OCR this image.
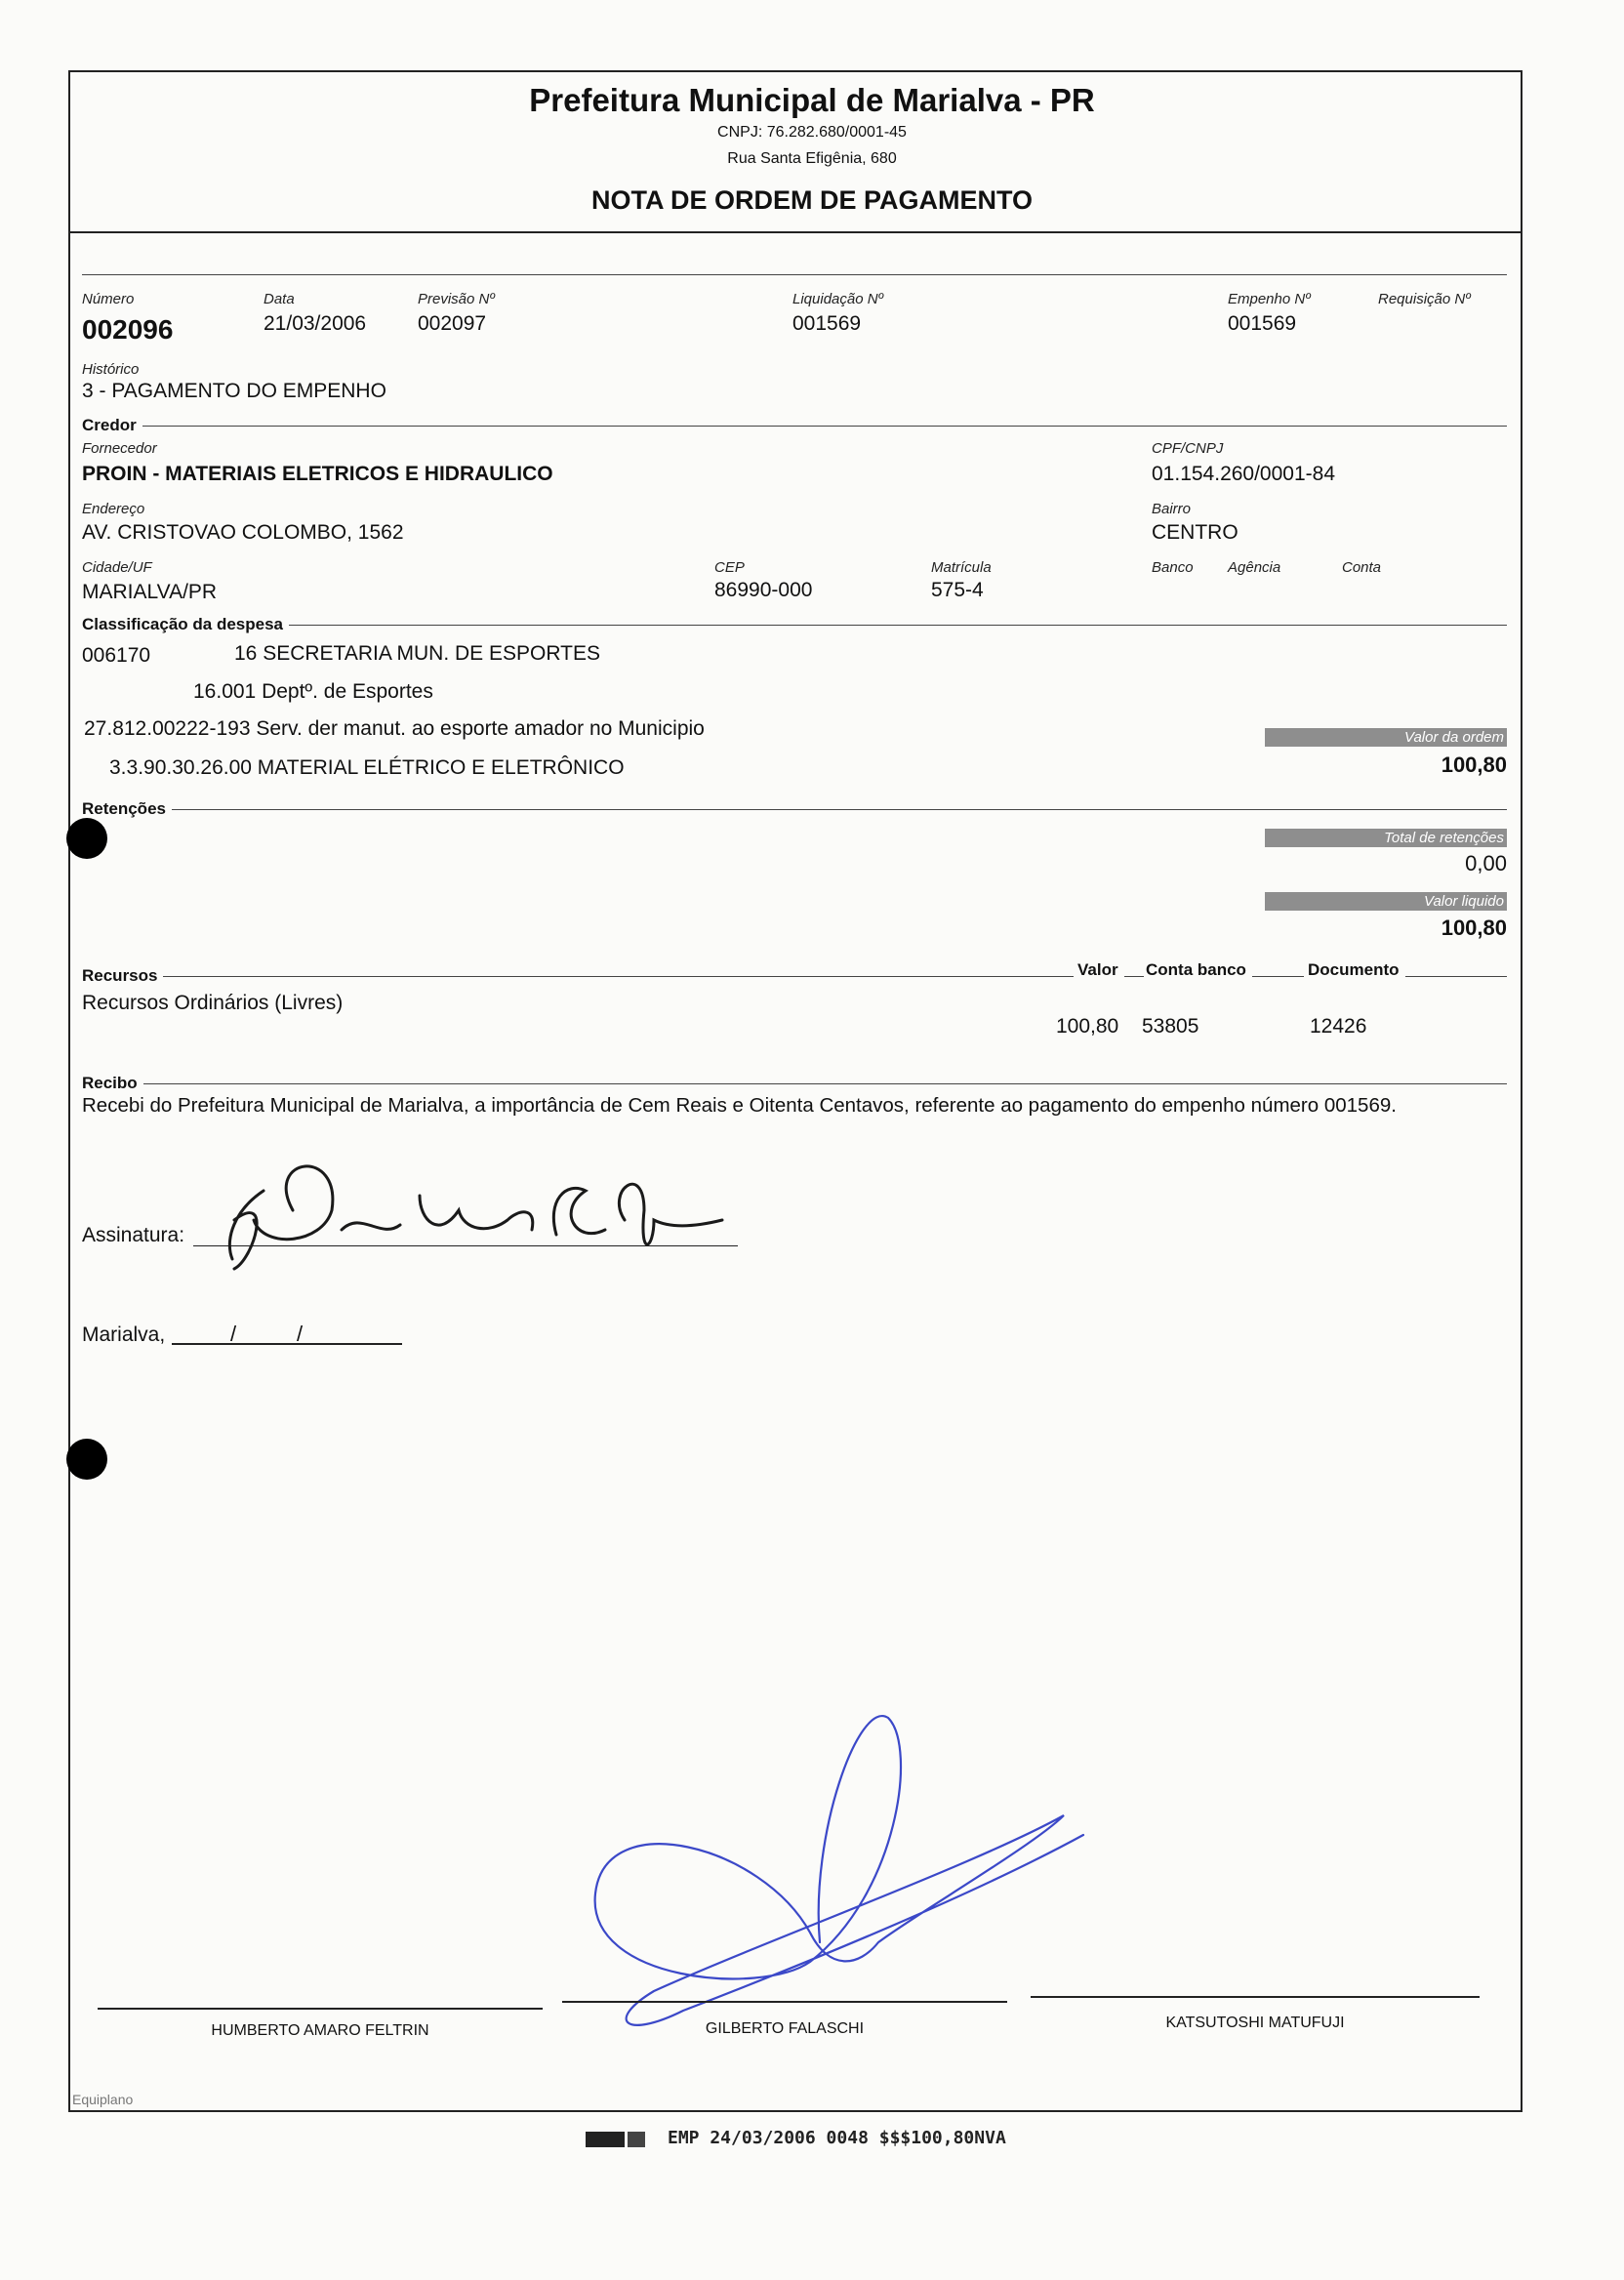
Prefeitura Municipal de Marialva - PR
CNPJ: 76.282.680/0001-45
Rua Santa Efigênia, 680
NOTA DE ORDEM DE PAGAMENTO
Número
002096
Data
21/03/2006
Previsão Nº
002097
Liquidação Nº
001569
Empenho Nº
001569
Requisição Nº
Histórico
3 - PAGAMENTO DO EMPENHO
Credor
Fornecedor
PROIN - MATERIAIS ELETRICOS E HIDRAULICO
CPF/CNPJ
01.154.260/0001-84
Endereço
AV. CRISTOVAO COLOMBO, 1562
Bairro
CENTRO
Cidade/UF
MARIALVA/PR
CEP
86990-000
Matrícula
575-4
Banco Agência	Conta
Classificação da despesa
006170	16 SECRETARIA MUN. DE ESPORTES
16.001 Deptº. de Esportes
27.812.00222-193 Serv. der manut. ao esporte amador no Municipio
3.3.90.30.26.00 MATERIAL ELÉTRICO E ELETRÔNICO
Valor da ordem
100,80
Retenções
Total de retenções
0,00
Valor liquido
100,80
Recursos	Valor	Conta banco	Documento
Recursos Ordinários (Livres)
100,80 53805	12426
Recibo
Recebi do Prefeitura Municipal de Marialva, a importância de Cem Reais e Oitenta Centavos, referente ao pagamento do empenho número 001569.
Assinatura:
Marialva,	/	/
HUMBERTO AMARO FELTRIN	GILBERTO FALASCHI	KATSUTOSHI MATUFUJI
Equiplano
EMP 24/03/2006 0048 $$$100,80NVA
